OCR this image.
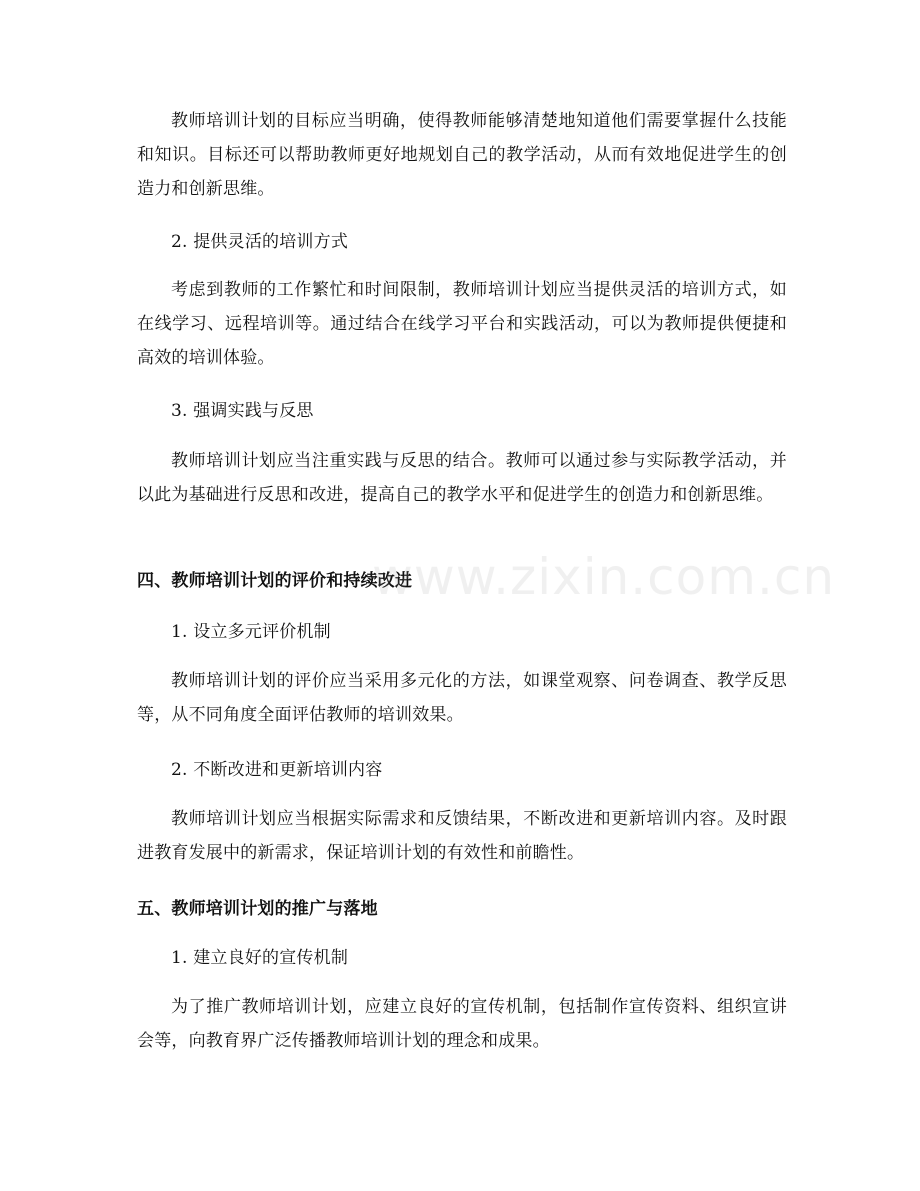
教师培训计划的目标应当明确，使得教师能够清楚地知道他们需要掌握什么技能和知识。目标还可以帮助教师更好地规划自己的教学活动，从而有效地促进学生的创造力和创新思维。
2. 提供灵活的培训方式
考虑到教师的工作繁忙和时间限制，教师培训计划应当提供灵活的培训方式，如在线学习、远程培训等。通过结合在线学习平台和实践活动，可以为教师提供便捷和高效的培训体验。
3. 强调实践与反思
教师培训计划应当注重实践与反思的结合。教师可以通过参与实际教学活动，并以此为基础进行反思和改进，提高自己的教学水平和促进学生的创造力和创新思维。
四、教师培训计划的评价和持续改进
1. 设立多元评价机制
教师培训计划的评价应当采用多元化的方法，如课堂观察、问卷调查、教学反思等，从不同角度全面评估教师的培训效果。
2. 不断改进和更新培训内容
教师培训计划应当根据实际需求和反馈结果，不断改进和更新培训内容。及时跟进教育发展中的新需求，保证培训计划的有效性和前瞻性。
五、教师培训计划的推广与落地
1. 建立良好的宣传机制
为了推广教师培训计划，应建立良好的宣传机制，包括制作宣传资料、组织宣讲会等，向教育界广泛传播教师培训计划的理念和成果。
www.zixin.com.cn
